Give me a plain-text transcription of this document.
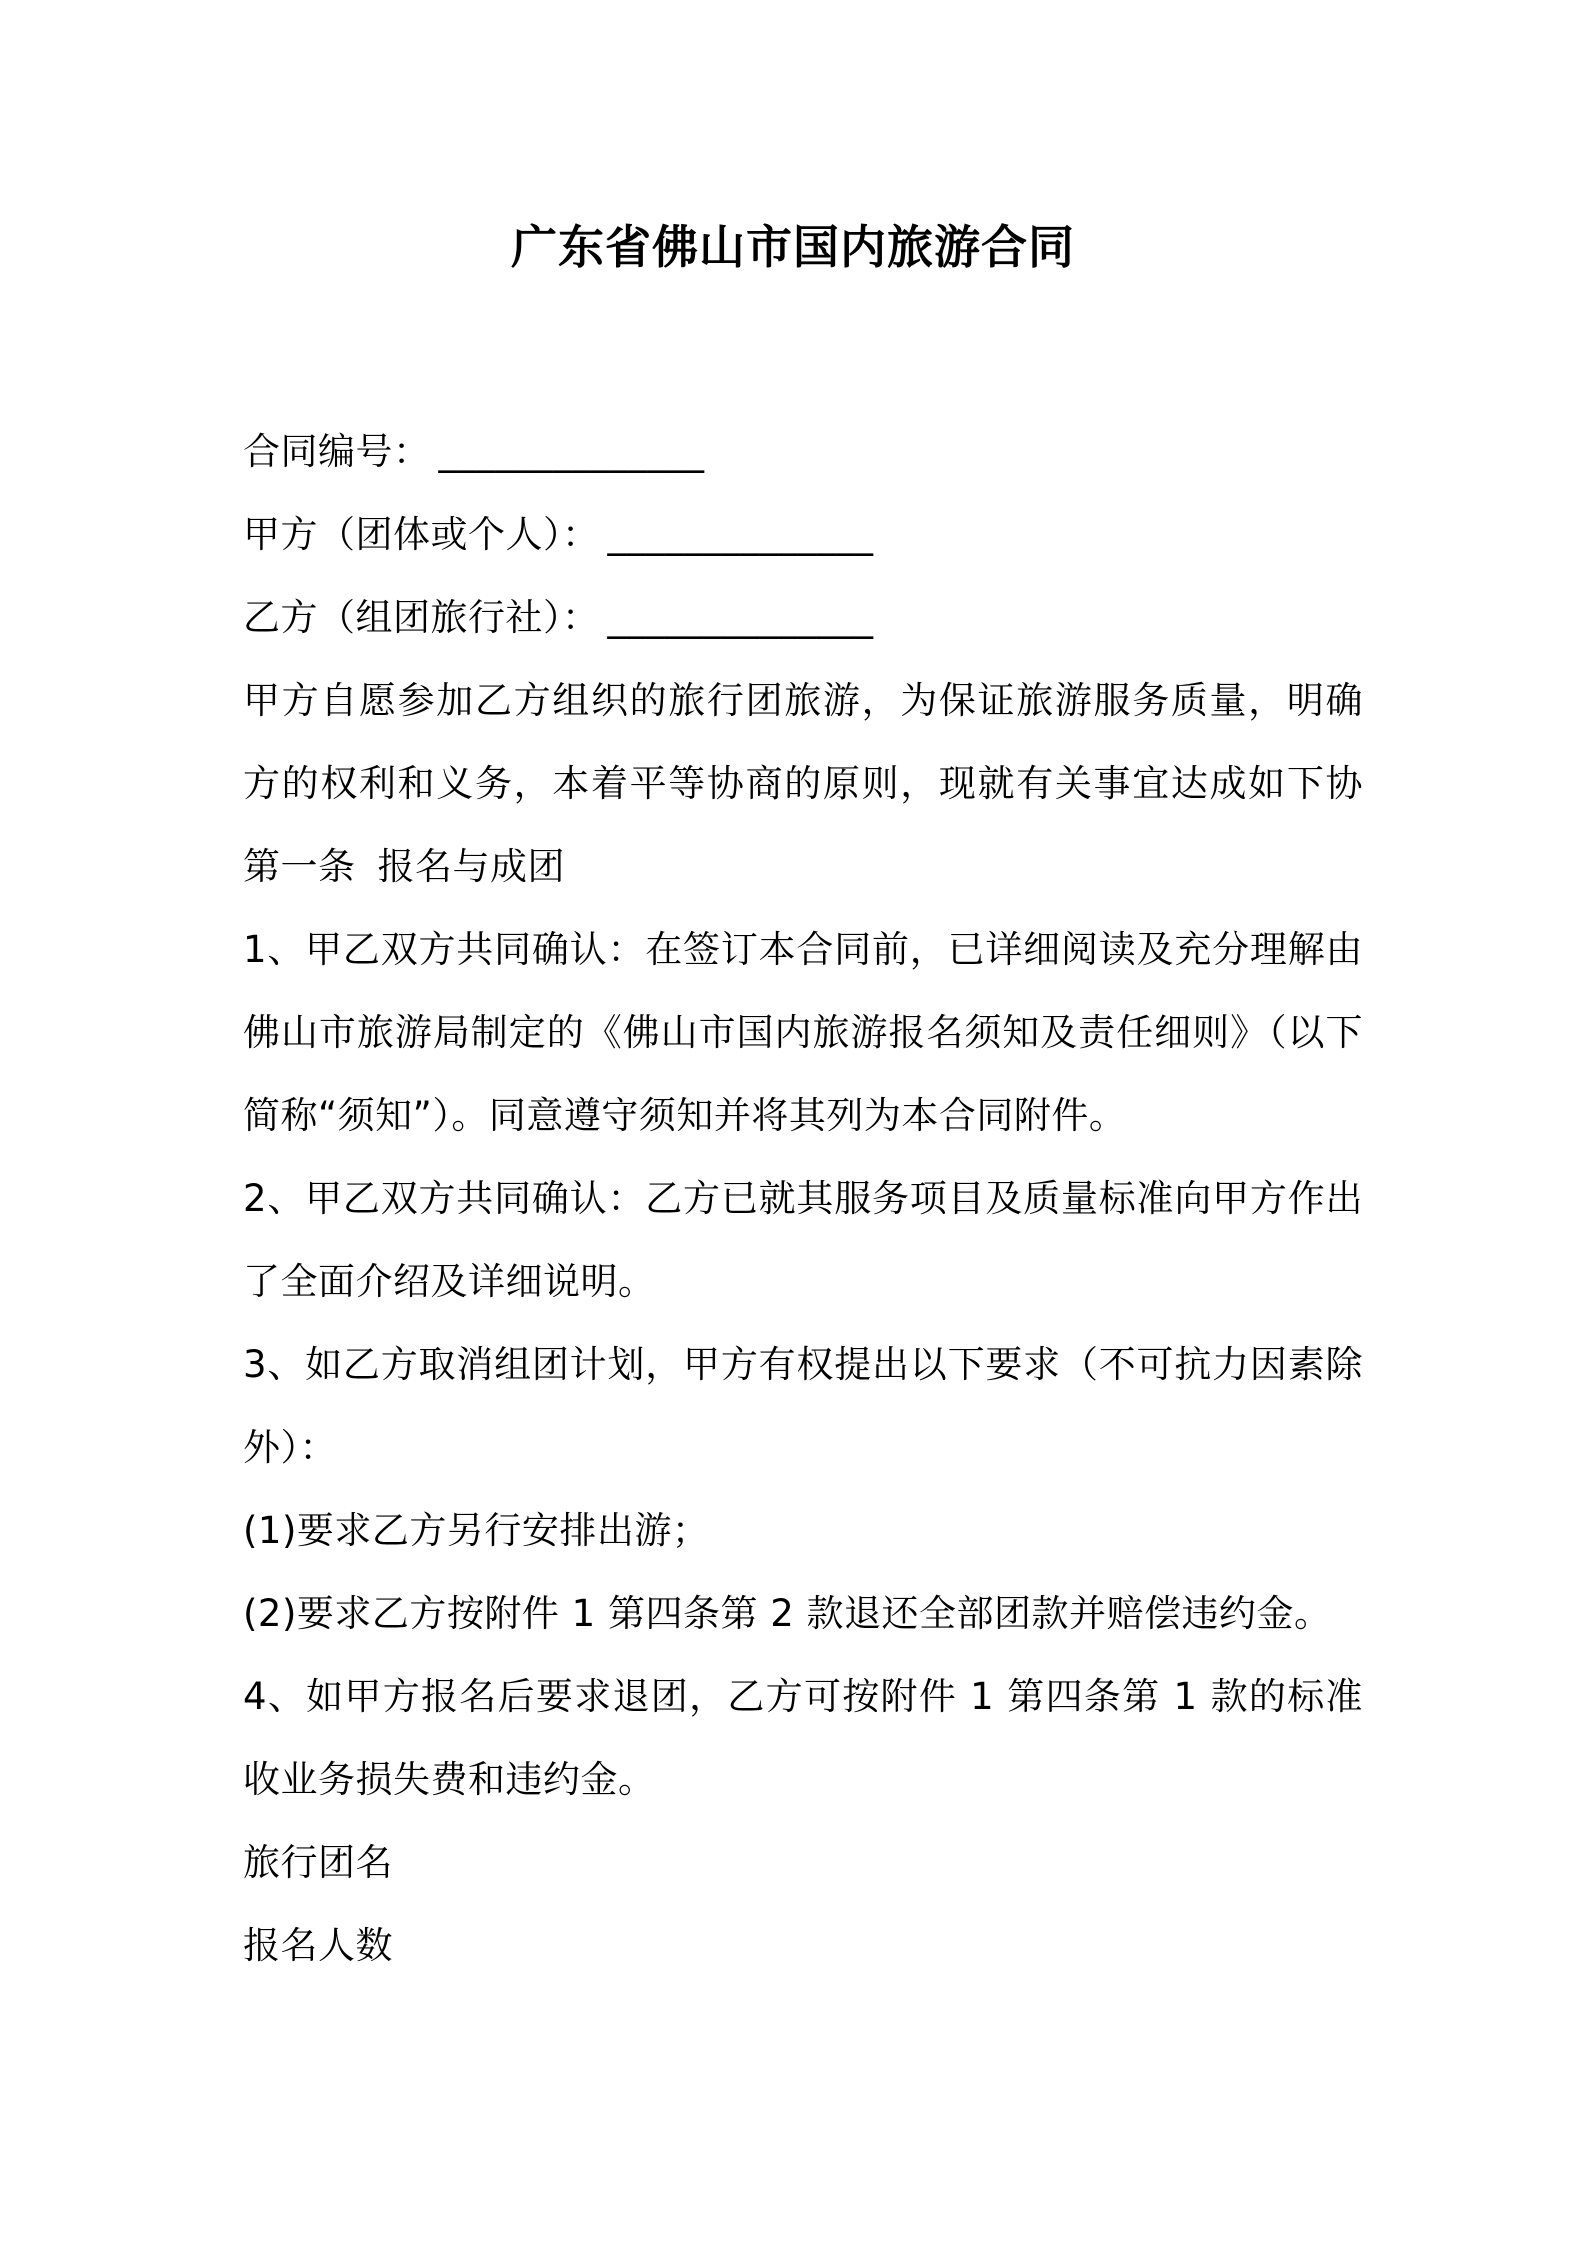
广东省佛山市国内旅游合同
合同编号： ______________
甲方（团体或个人）： ______________
乙方（组团旅行社）： ______________
甲方自愿参加乙方组织的旅行团旅游，为保证旅游服务质量，明确
方的权利和义务，本着平等协商的原则，现就有关事宜达成如下协
第一条 报名与成团
1、甲乙双方共同确认：在签订本合同前，已详细阅读及充分理解由
佛山市旅游局制定的《佛山市国内旅游报名须知及责任细则》（以下
简称“须知”）。同意遵守须知并将其列为本合同附件。
2、甲乙双方共同确认：乙方已就其服务项目及质量标准向甲方作出
了全面介绍及详细说明。
3、如乙方取消组团计划，甲方有权提出以下要求（不可抗力因素除
外）：
(1)要求乙方另行安排出游；
(2)要求乙方按附件 1 第四条第 2 款退还全部团款并赔偿违约金。
4、如甲方报名后要求退团，乙方可按附件 1 第四条第 1 款的标准
收业务损失费和违约金。
旅行团名
报名人数
